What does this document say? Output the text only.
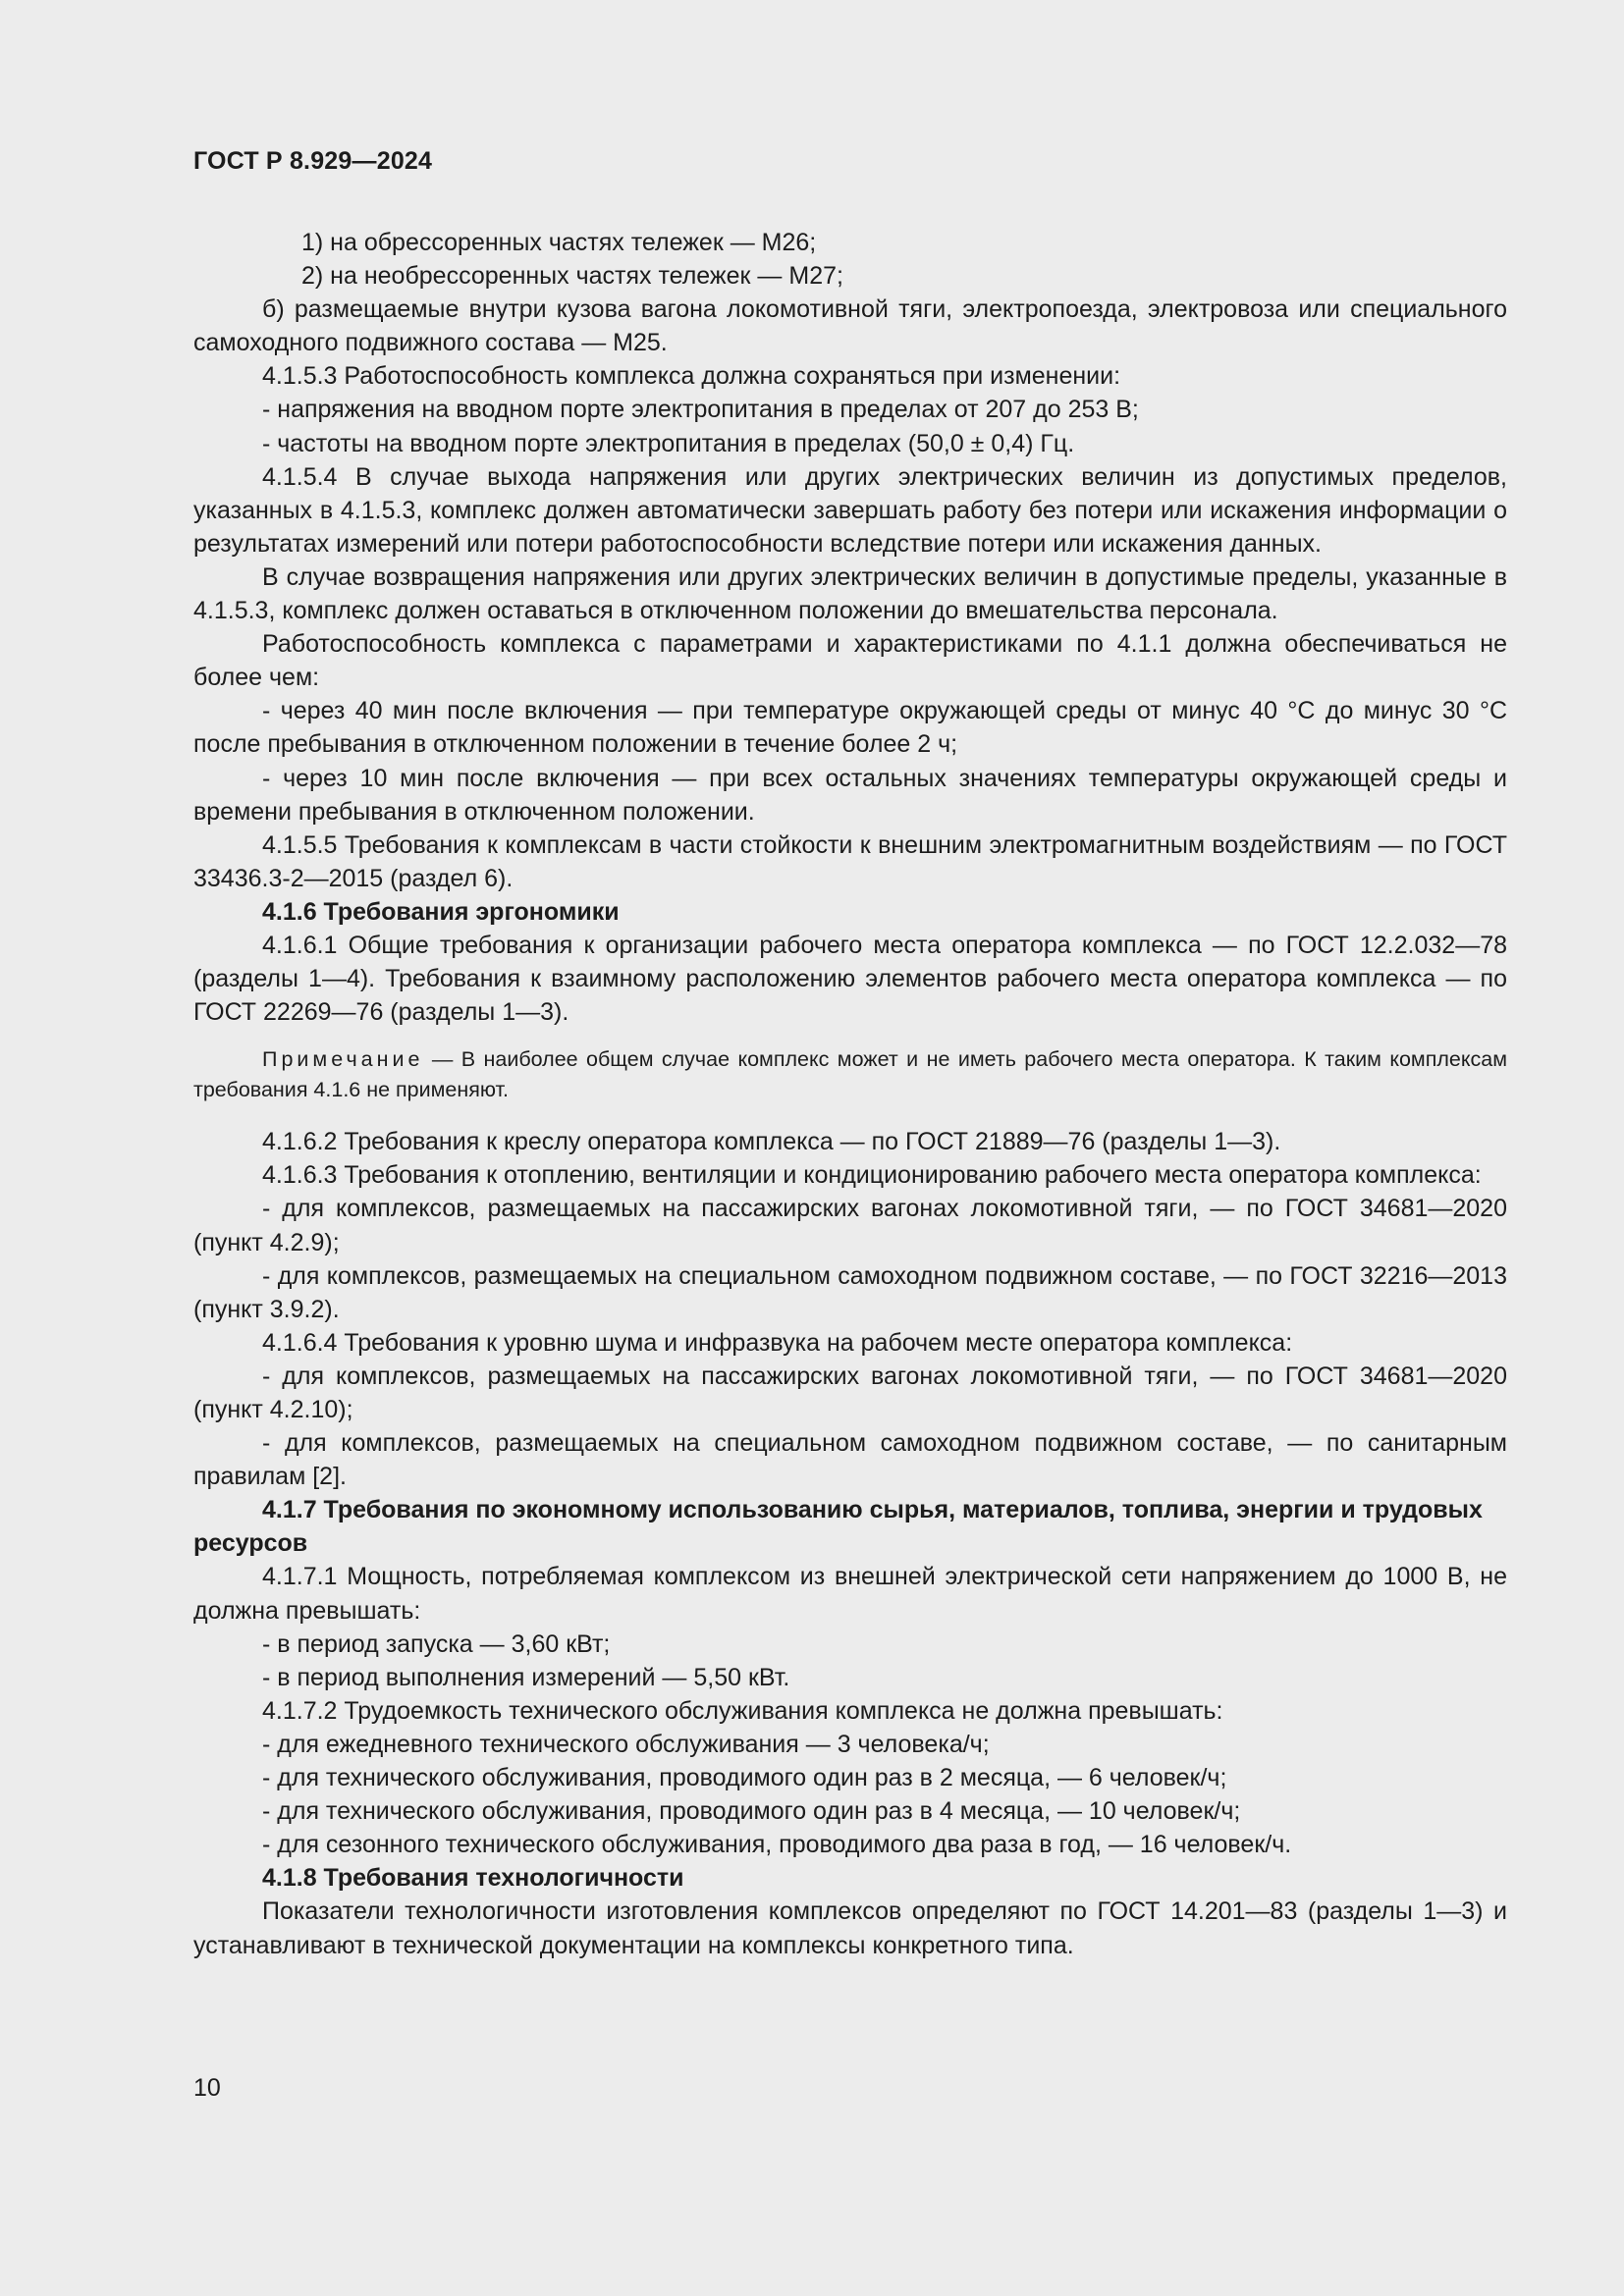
ГОСТ Р 8.929—2024

1) на обрессоренных частях тележек — М26;

2) на необрессоренных частях тележек — М27;

б) размещаемые внутри кузова вагона локомотивной тяги, электропоезда, электровоза или специального самоходного подвижного состава — М25.

4.1.5.3 Работоспособность комплекса должна сохраняться при изменении:

- напряжения на вводном порте электропитания в пределах от 207 до 253 В;

- частоты на вводном порте электропитания в пределах (50,0 ± 0,4) Гц.

4.1.5.4 В случае выхода напряжения или других электрических величин из допустимых пределов, указанных в 4.1.5.3, комплекс должен автоматически завершать работу без потери или искажения информации о результатах измерений или потери работоспособности вследствие потери или искажения данных.

В случае возвращения напряжения или других электрических величин в допустимые пределы, указанные в 4.1.5.3, комплекс должен оставаться в отключенном положении до вмешательства персонала.

Работоспособность комплекса с параметрами и характеристиками по 4.1.1 должна обеспечиваться не более чем:

- через 40 мин после включения — при температуре окружающей среды от минус 40 °С до минус 30 °С после пребывания в отключенном положении в течение более 2 ч;

- через 10 мин после включения — при всех остальных значениях температуры окружающей среды и времени пребывания в отключенном положении.

4.1.5.5 Требования к комплексам в части стойкости к внешним электромагнитным воздействиям — по ГОСТ 33436.3-2—2015 (раздел 6).

4.1.6 Требования эргономики

4.1.6.1 Общие требования к организации рабочего места оператора комплекса — по ГОСТ 12.2.032—78 (разделы 1—4). Требования к взаимному расположению элементов рабочего места оператора комплекса — по ГОСТ 22269—76 (разделы 1—3).

Примечание — В наиболее общем случае комплекс может и не иметь рабочего места оператора. К таким комплексам требования 4.1.6 не применяют.

4.1.6.2 Требования к креслу оператора комплекса — по ГОСТ 21889—76 (разделы 1—3).

4.1.6.3 Требования к отоплению, вентиляции и кондиционированию рабочего места оператора комплекса:

- для комплексов, размещаемых на пассажирских вагонах локомотивной тяги, — по ГОСТ 34681—2020 (пункт 4.2.9);

- для комплексов, размещаемых на специальном самоходном подвижном составе, — по ГОСТ 32216—2013 (пункт 3.9.2).

4.1.6.4 Требования к уровню шума и инфразвука на рабочем месте оператора комплекса:

- для комплексов, размещаемых на пассажирских вагонах локомотивной тяги, — по ГОСТ 34681—2020 (пункт 4.2.10);

- для комплексов, размещаемых на специальном самоходном подвижном составе, — по санитарным правилам [2].

4.1.7 Требования по экономному использованию сырья, материалов, топлива, энергии и трудовых ресурсов

4.1.7.1 Мощность, потребляемая комплексом из внешней электрической сети напряжением до 1000 В, не должна превышать:

- в период запуска — 3,60 кВт;

- в период выполнения измерений — 5,50 кВт.

4.1.7.2 Трудоемкость технического обслуживания комплекса не должна превышать:

- для ежедневного технического обслуживания — 3 человека/ч;

- для технического обслуживания, проводимого один раз в 2 месяца, — 6 человек/ч;

- для технического обслуживания, проводимого один раз в 4 месяца, — 10 человек/ч;

- для сезонного технического обслуживания, проводимого два раза в год, — 16 человек/ч.

4.1.8 Требования технологичности

Показатели технологичности изготовления комплексов определяют по ГОСТ 14.201—83 (разделы 1—3) и устанавливают в технической документации на комплексы конкретного типа.

10
